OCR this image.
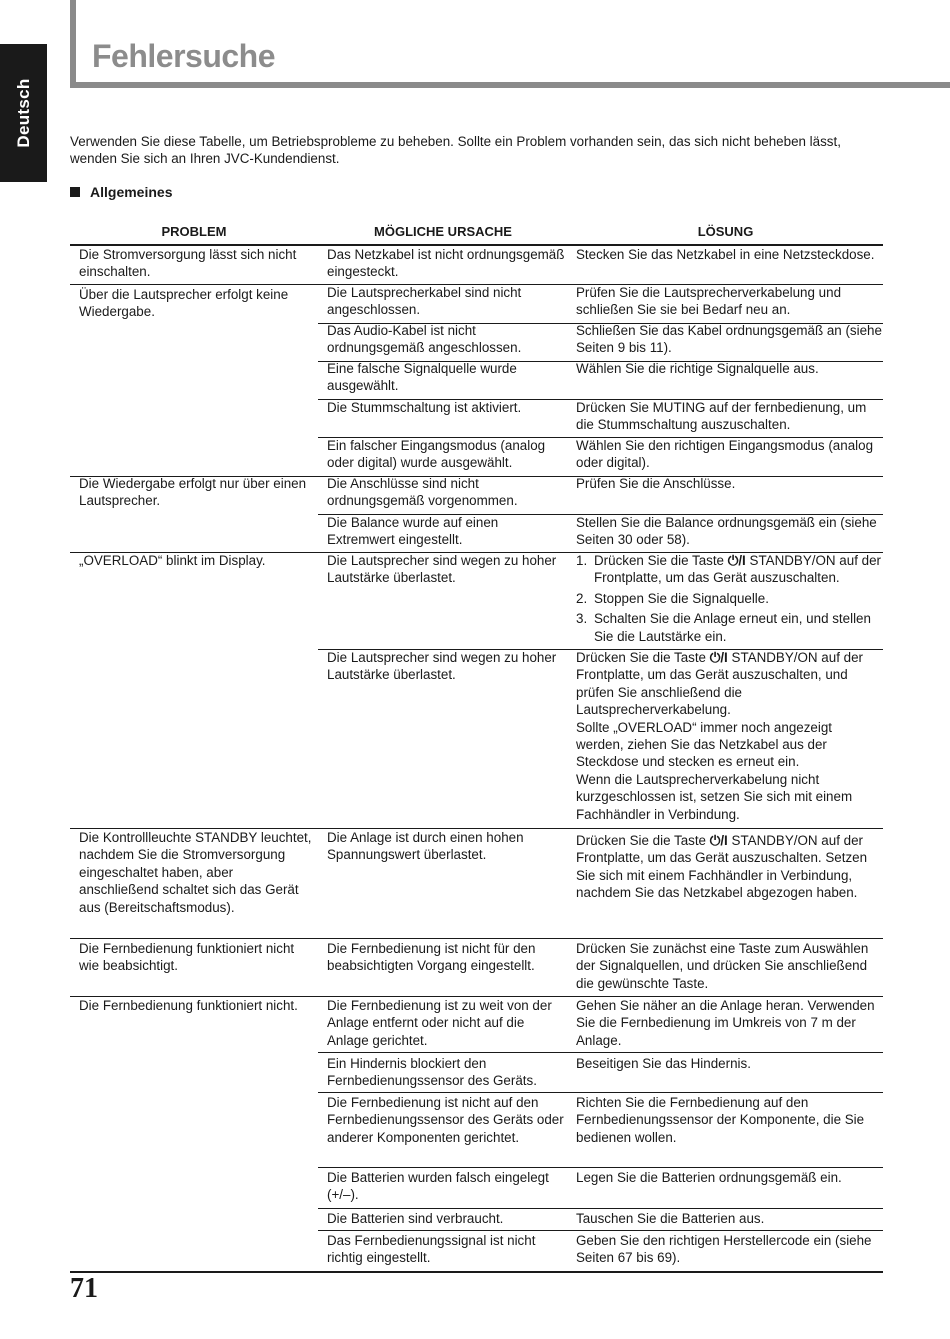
Deutsch
Fehlersuche

Verwenden Sie diese Tabelle, um Betriebsprobleme zu beheben. Sollte ein Problem vorhanden sein, das sich nicht beheben lässt, wenden Sie sich an Ihren JVC-Kundendienst.

Allgemeines
PROBLEM	MÖGLICHE URSACHE	LÖSUNG
Die Stromversorgung lässt sich nicht einschalten.
Über die Lautsprecher erfolgt keine Wiedergabe.
Die Wiedergabe erfolgt nur über einen Lautsprecher.
„OVERLOAD“ blinkt im Display.
Die Kontrollleuchte STANDBY leuchtet, nachdem Sie die Stromversorgung eingeschaltet haben, aber anschließend schaltet sich das Gerät aus (Bereitschaftsmodus).
Die Fernbedienung funktioniert nicht wie beabsichtigt.
Die Fernbedienung funktioniert nicht.
Das Netzkabel ist nicht ordnungsgemäß eingesteckt.
Die Lautsprecherkabel sind nicht angeschlossen.
Das Audio-Kabel ist nicht ordnungsgemäß angeschlossen.
Eine falsche Signalquelle wurde ausgewählt.
Die Stummschaltung ist aktiviert.
Ein falscher Eingangsmodus (analog oder digital) wurde ausgewählt.
Die Anschlüsse sind nicht ordnungsgemäß vorgenommen.
Die Balance wurde auf einen Extremwert eingestellt.
Die Lautsprecher sind wegen zu hoher Lautstärke überlastet.
Die Lautsprecher sind wegen zu hoher Lautstärke überlastet.
Die Anlage ist durch einen hohen Spannungswert überlastet.
Die Fernbedienung ist nicht für den beabsichtigten Vorgang eingestellt.
Die Fernbedienung ist zu weit von der Anlage entfernt oder nicht auf die Anlage gerichtet.
Ein Hindernis blockiert den Fernbedienungssensor des Geräts.
Die Fernbedienung ist nicht auf den Fernbedienungssensor des Geräts oder anderer Komponenten gerichtet.
Die Batterien wurden falsch eingelegt (+/–).
Die Batterien sind verbraucht.
Das Fernbedienungssignal ist nicht richtig eingestellt.
Stecken Sie das Netzkabel in eine Netzsteckdose.
Prüfen Sie die Lautsprecherverkabelung und schließen Sie sie bei Bedarf neu an.
Schließen Sie das Kabel ordnungsgemäß an (siehe Seiten 9 bis 11).
Wählen Sie die richtige Signalquelle aus.
Drücken Sie MUTING auf der fernbedienung, um die Stummschaltung auszuschalten.
Wählen Sie den richtigen Eingangsmodus (analog oder digital).
Prüfen Sie die Anschlüsse.
Stellen Sie die Balance ordnungsgemäß ein (siehe Seiten 30 oder 58).
1. Drücken Sie die Taste ⏻/I STANDBY/ON auf der Frontplatte, um das Gerät auszuschalten.
2. Stoppen Sie die Signalquelle.
3. Schalten Sie die Anlage erneut ein, und stellen Sie die Lautstärke ein.
Drücken Sie die Taste ⏻/I STANDBY/ON auf der Frontplatte, um das Gerät auszuschalten, und prüfen Sie anschließend die Lautsprecherverkabelung.
Sollte „OVERLOAD“ immer noch angezeigt werden, ziehen Sie das Netzkabel aus der Steckdose und stecken es erneut ein.
Wenn die Lautsprecherverkabelung nicht kurzgeschlossen ist, setzen Sie sich mit einem Fachhändler in Verbindung.
Drücken Sie die Taste ⏻/I STANDBY/ON auf der Frontplatte, um das Gerät auszuschalten. Setzen Sie sich mit einem Fachhändler in Verbindung, nachdem Sie das Netzkabel abgezogen haben.
Drücken Sie zunächst eine Taste zum Auswählen der Signalquellen, und drücken Sie anschließend die gewünschte Taste.
Gehen Sie näher an die Anlage heran. Verwenden Sie die Fernbedienung im Umkreis von 7 m der Anlage.
Beseitigen Sie das Hindernis.
Richten Sie die Fernbedienung auf den Fernbedienungssensor der Komponente, die Sie bedienen wollen.
Legen Sie die Batterien ordnungsgemäß ein.
Tauschen Sie die Batterien aus.
Geben Sie den richtigen Herstellercode ein (siehe Seiten 67 bis 69).
71
